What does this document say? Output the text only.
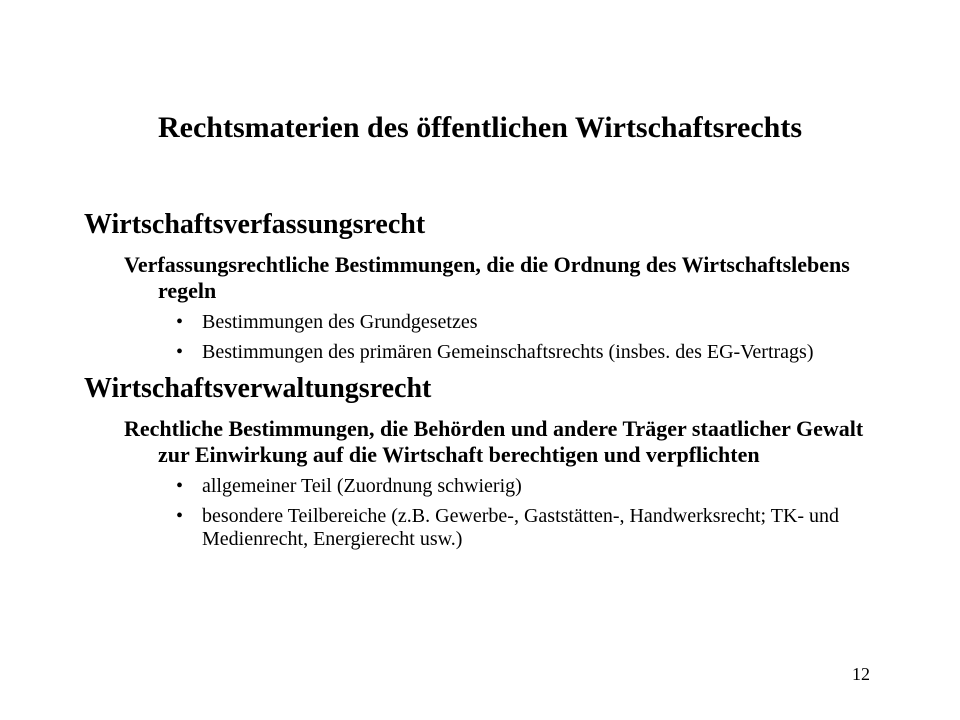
Rechtsmaterien des öffentlichen Wirtschaftsrechts
Wirtschaftsverfassungsrecht
Verfassungsrechtliche Bestimmungen, die die Ordnung des Wirtschaftslebens regeln
• Bestimmungen des Grundgesetzes
• Bestimmungen des primären Gemeinschaftsrechts (insbes. des EG-Vertrags)
Wirtschaftsverwaltungsrecht
Rechtliche Bestimmungen, die Behörden und andere Träger staatlicher Gewalt zur Einwirkung auf die Wirtschaft berechtigen und verpflichten
• allgemeiner Teil (Zuordnung schwierig)
• besondere Teilbereiche (z.B. Gewerbe-, Gaststätten-, Handwerksrecht; TK- und Medienrecht, Energierecht usw.)
12
